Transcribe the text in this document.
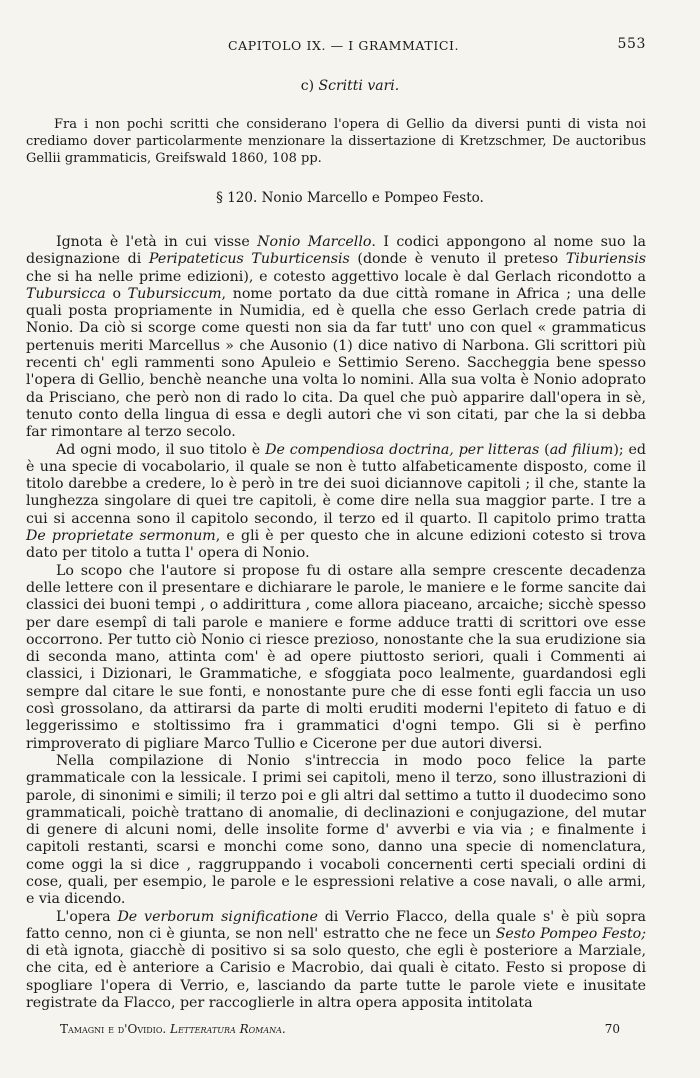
CAPITOLO IX. — I GRAMMATICI.	553
c) Scritti vari.

Fra i non pochi scritti che considerano l'opera di Gellio da diversi punti di vista noi crediamo dover particolarmente menzionare la dissertazione di Kretzschmer, De auctoribus Gellii grammaticis, Greifswald 1860, 108 pp.

§ 120. Nonio Marcello e Pompeo Festo.

Ignota è l'età in cui visse Nonio Marcello. I codici appongono al nome suo la designazione di Peripateticus Tuburticensis (donde è venuto il preteso Tiburiensis che si ha nelle prime edizioni), e cotesto aggettivo locale è dal Gerlach ricondotto a Tubursicca o Tubursiccum, nome portato da due città romane in Africa ; una delle quali posta propriamente in Numidia, ed è quella che esso Gerlach crede patria di Nonio. Da ciò si scorge come questi non sia da far tutt' uno con quel « grammaticus pertenuis meriti Marcellus » che Ausonio (1) dice nativo di Narbona. Gli scrittori più recenti ch' egli rammenti sono Apuleio e Settimio Sereno. Saccheggia bene spesso l'opera di Gellio, benchè neanche una volta lo nomini. Alla sua volta è Nonio adoprato da Prisciano, che però non di rado lo cita. Da quel che può apparire dall'opera in sè, tenuto conto della lingua di essa e degli autori che vi son citati, par che la si debba far rimontare al terzo secolo.

Ad ogni modo, il suo titolo è De compendiosa doctrina, per litteras (ad filium); ed è una specie di vocabolario, il quale se non è tutto alfabeticamente disposto, come il titolo darebbe a credere, lo è però in tre dei suoi diciannove capitoli ; il che, stante la lunghezza singolare di quei tre capitoli, è come dire nella sua maggior parte. I tre a cui si accenna sono il capitolo secondo, il terzo ed il quarto. Il capitolo primo tratta De proprietate sermonum, e gli è per questo che in alcune edizioni cotesto si trova dato per titolo a tutta l' opera di Nonio.

Lo scopo che l'autore si propose fu di ostare alla sempre crescente decadenza delle lettere con il presentare e dichiarare le parole, le maniere e le forme sancite dai classici dei buoni tempi , o addirittura , come allora piaceano, arcaiche; sicchè spesso per dare esempî di tali parole e maniere e forme adduce tratti di scrittori ove esse occorrono. Per tutto ciò Nonio ci riesce prezioso, nonostante che la sua erudizione sia di seconda mano, attinta com' è ad opere piuttosto seriori, quali i Commenti ai classici, i Dizionari, le Grammatiche, e sfoggiata poco lealmente, guardandosi egli sempre dal citare le sue fonti, e nonostante pure che di esse fonti egli faccia un uso così grossolano, da attirarsi da parte di molti eruditi moderni l'epiteto di fatuo e di leggerissimo e stoltissimo fra i grammatici d'ogni tempo. Gli si è perfino rimproverato di pigliare Marco Tullio e Cicerone per due autori diversi.

Nella compilazione di Nonio s'intreccia in modo poco felice la parte grammaticale con la lessicale. I primi sei capitoli, meno il terzo, sono illustrazioni di parole, di sinonimi e simili; il terzo poi e gli altri dal settimo a tutto il duodecimo sono grammaticali, poichè trattano di anomalie, di declinazioni e conjugazione, del mutar di genere di alcuni nomi, delle insolite forme d' avverbi e via via ; e finalmente i capitoli restanti, scarsi e monchi come sono, danno una specie di nomenclatura, come oggi la si dice , raggruppando i vocaboli concernenti certi speciali ordini di cose, quali, per esempio, le parole e le espressioni relative a cose navali, o alle armi, e via dicendo.

L'opera De verborum significatione di Verrio Flacco, della quale s' è più sopra fatto cenno, non ci è giunta, se non nell' estratto che ne fece un Sesto Pompeo Festo; di età ignota, giacchè di positivo si sa solo questo, che egli è posteriore a Marziale, che cita, ed è anteriore a Carisio e Macrobio, dai quali è citato. Festo si propose di spogliare l'opera di Verrio, e, lasciando da parte tutte le parole viete e inusitate registrate da Flacco, per raccoglierle in altra opera apposita intitolata

Tamagni e d'Ovidio. Letteratura Romana.	70
